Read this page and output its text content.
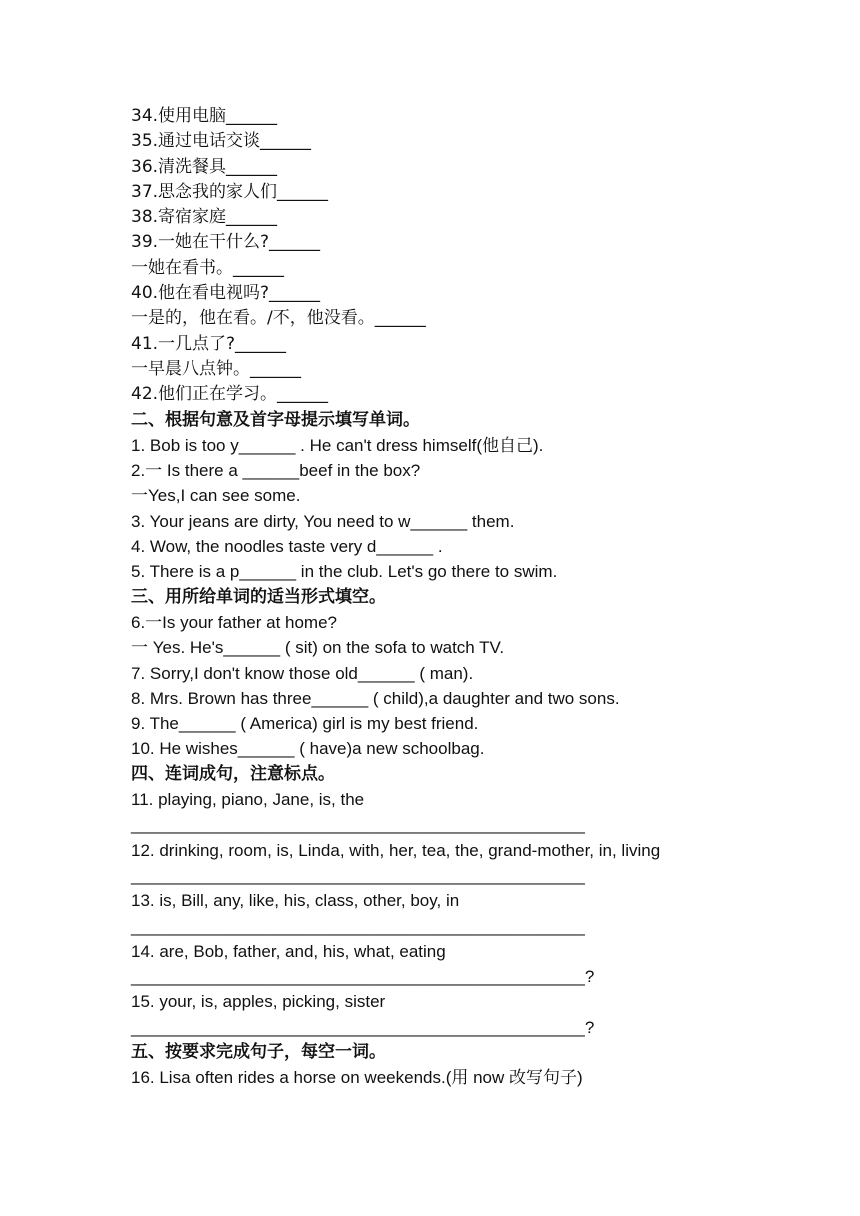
34.使用电脑______
35.通过电话交谈______
36.清洗餐具______
37.思念我的家人们______
38.寄宿家庭______
39.一她在干什么?______
一她在看书。______
40.他在看电视吗?______
一是的，他在看。/不，他没看。______
41.一几点了?______
一早晨八点钟。______
42.他们正在学习。______
二、根据句意及首字母提示填写单词。
1. Bob is too y______ . He can't dress himself(他自己).
2.一 Is there a ______beef in the box?
一Yes,I can see some.
3. Your jeans are dirty, You need to w______ them.
4. Wow, the noodles taste very d______ .
5. There is a p______ in the club. Let's go there to swim.
三、用所给单词的适当形式填空。
6.一Is your father at home?
一 Yes. He's______ ( sit) on the sofa to watch TV.
7. Sorry,I don't know those old______ ( man).
8. Mrs. Brown has three______ ( child),a daughter and two sons.
9. The______ ( America) girl is my best friend.
10. He wishes______ ( have)a new schoolbag.
四、连词成句，注意标点。
11. playing, piano, Jane, is, the
________________________________________________
12. drinking, room, is, Linda, with, her, tea, the, grand-mother, in, living
________________________________________________
13. is, Bill, any, like, his, class, other, boy, in
________________________________________________
14. are, Bob, father, and, his, what, eating
________________________________________________?
15. your, is, apples, picking, sister
________________________________________________?
五、按要求完成句子，每空一词。
16. Lisa often rides a horse on weekends.(用 now 改写句子)
